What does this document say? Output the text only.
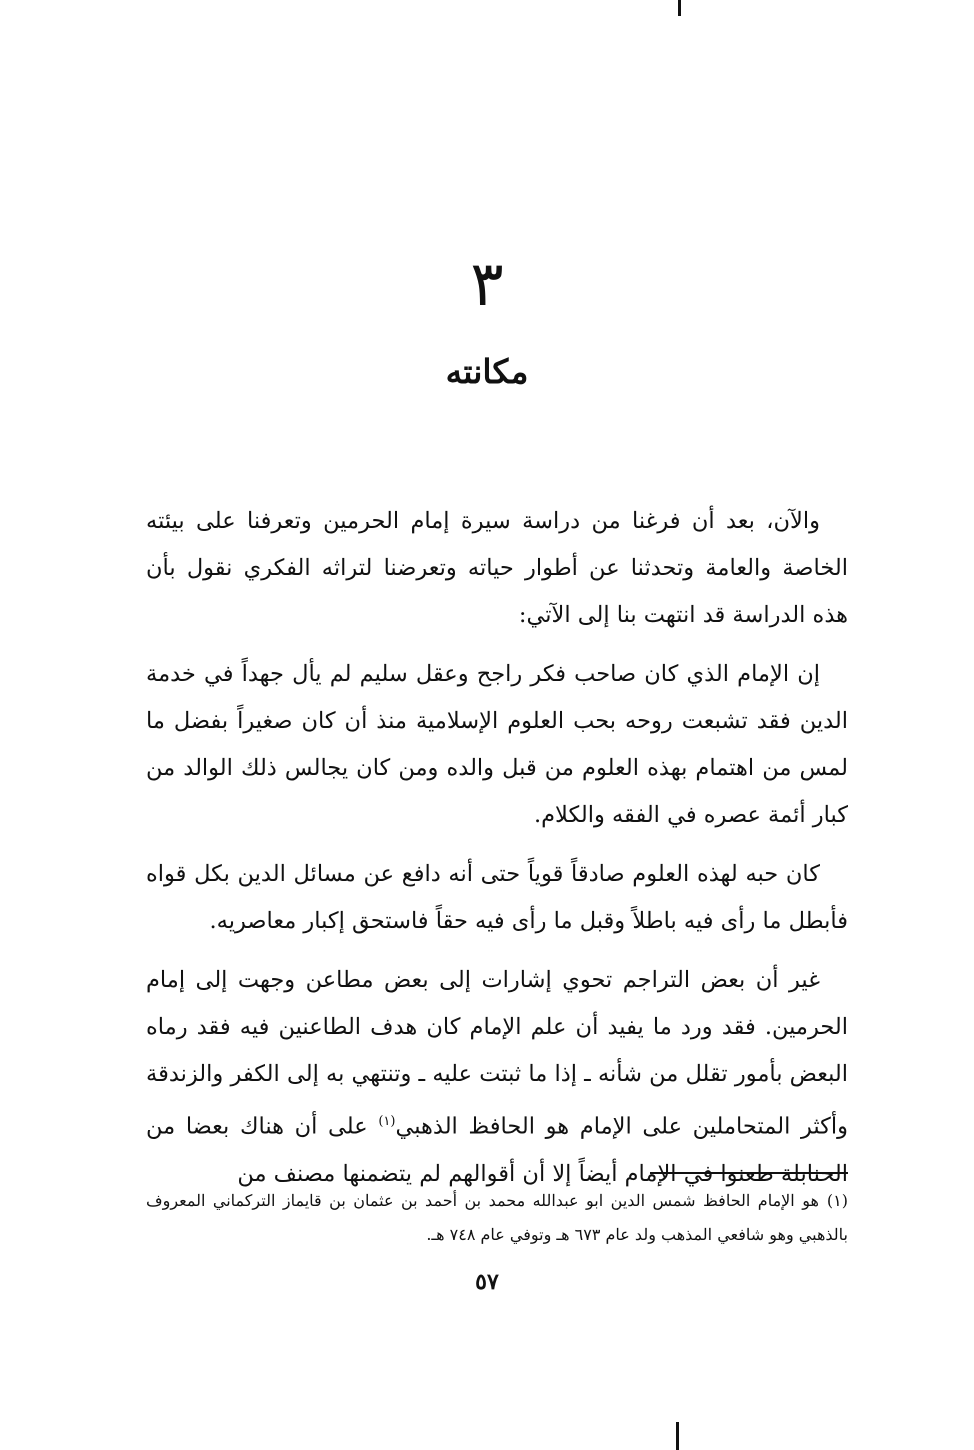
٣
مكانته

والآن، بعد أن فرغنا من دراسة سيرة إمام الحرمين وتعرفنا على بيئته الخاصة والعامة وتحدثنا عن أطوار حياته وتعرضنا لتراثه الفكري نقول بأن هذه الدراسة قد انتهت بنا إلى الآتي:

إن الإمام الذي كان صاحب فكر راجح وعقل سليم لم يأل جهداً في خدمة الدين فقد تشبعت روحه بحب العلوم الإسلامية منذ أن كان صغيراً بفضل ما لمس من اهتمام بهذه العلوم من قبل والده ومن كان يجالس ذلك الوالد من كبار أئمة عصره في الفقه والكلام.

كان حبه لهذه العلوم صادقاً قوياً حتى أنه دافع عن مسائل الدين بكل قواه فأبطل ما رأى فيه باطلاً وقبل ما رأى فيه حقاً فاستحق إكبار معاصريه.

غير أن بعض التراجم تحوي إشارات إلى بعض مطاعن وجهت إلى إمام الحرمين. فقد ورد ما يفيد أن علم الإمام كان هدف الطاعنين فيه فقد رماه البعض بأمور تقلل من شأنه ـ إذا ما ثبتت عليه ـ وتنتهي به إلى الكفر والزندقة وأكثر المتحاملين على الإمام هو الحافظ الذهبي$^{(١)}$ على أن هناك بعضا من الحنابلة طعنوا في الإمام أيضاً إلا أن أقوالهم لم يتضمنها مصنف من

(١)هو الإمام الحافظ شمس الدين ابو عبدالله محمد بن أحمد بن عثمان بن قايماز التركماني المعروف بالذهبي وهو شافعي المذهب ولد عام ٦٧٣ هـ وتوفي عام ٧٤٨ هـ.
٥٧
